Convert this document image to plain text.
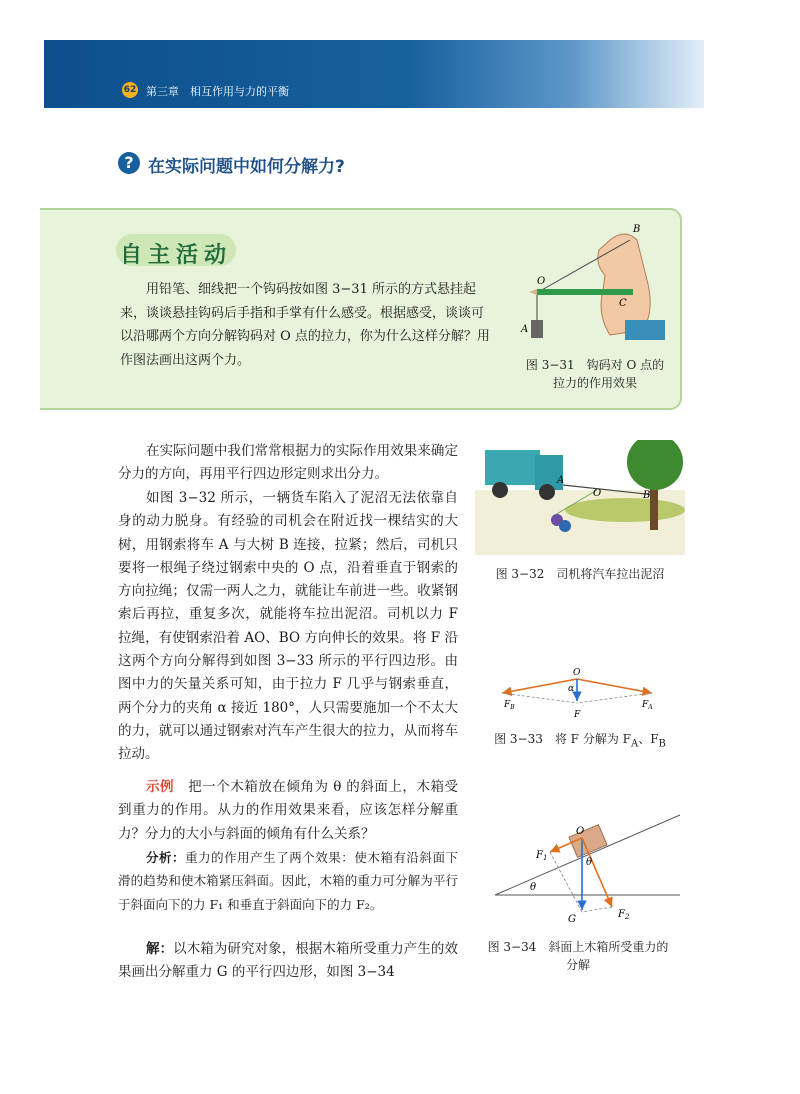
62 第三章　相互作用与力的平衡
? 在实际问题中如何分解力?
自主活动
用铅笔、细线把一个钩码按如图 3−31 所示的方式悬挂起来，谈谈悬挂钩码后手指和手掌有什么感受。根据感受，谈谈可以沿哪两个方向分解钩码对 O 点的拉力，你为什么这样分解？用作图法画出这两个力。
B
O
A
C
图 3−31　钩码对 O 点的
拉力的作用效果
在实际问题中我们常常根据力的实际作用效果来确定分力的方向，再用平行四边形定则求出分力。
如图 3−32 所示，一辆货车陷入了泥沼无法依靠自身的动力脱身。有经验的司机会在附近找一棵结实的大树，用钢索将车 A 与大树 B 连接，拉紧；然后，司机只要将一根绳子绕过钢索中央的 O 点，沿着垂直于钢索的方向拉绳；仅需一两人之力，就能让车前进一些。收紧钢索后再拉，重复多次，就能将车拉出泥沼。司机以力 F 拉绳，有使钢索沿着 AO、BO 方向伸长的效果。将 F 沿这两个方向分解得到如图 3−33 所示的平行四边形。由图中力的矢量关系可知，由于拉力 F 几乎与钢索垂直，两个分力的夹角 α 接近 180°，人只需要施加一个不太大的力，就可以通过钢索对汽车产生很大的拉力，从而将车拉动。
A
O	B
图 3−32　司机将汽车拉出泥沼
O
α
F
$F_B$	$F_A$
图 3−33　将 F 分解为 $F_A$、$F_B$
示例　 把一个木箱放在倾角为 θ 的斜面上，木箱受到重力的作用。从力的作用效果来看，应该怎样分解重力？分力的大小与斜面的倾角有什么关系？
分析：重力的作用产生了两个效果：使木箱有沿斜面下滑的趋势和使木箱紧压斜面。因此，木箱的重力可分解为平行于斜面向下的力 F₁ 和垂直于斜面向下的力 F₂。
解：以木箱为研究对象，根据木箱所受重力产生的效果画出分解重力 G 的平行四边形，如图 3−34
O
$F_1$	θ
θ
G	$F_2$
图 3−34　斜面上木箱所受重力的
分解
